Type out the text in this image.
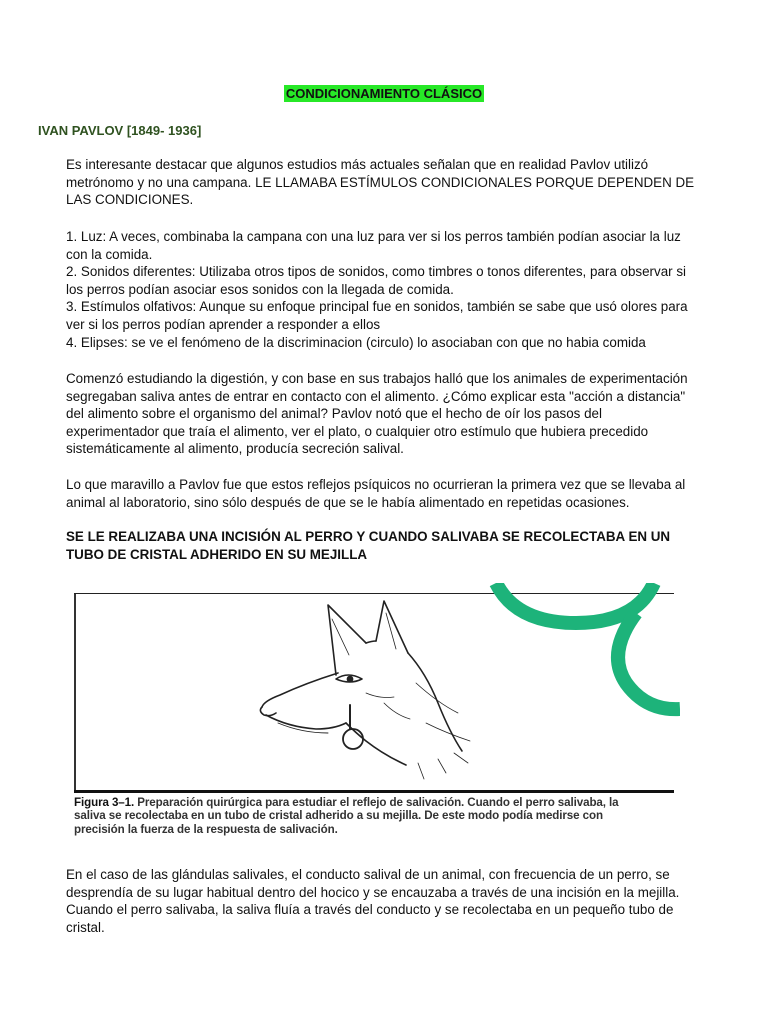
CONDICIONAMIENTO CLÁSICO
IVAN PAVLOV [1849- 1936]

Es interesante destacar que algunos estudios más actuales señalan que en realidad Pavlov utilizó
metrónomo y no una campana. LE LLAMABA ESTÍMULOS CONDICIONALES PORQUE DEPENDEN DE
LAS CONDICIONES.

1. Luz: A veces, combinaba la campana con una luz para ver si los perros también podían asociar la luz
con la comida.
2. Sonidos diferentes: Utilizaba otros tipos de sonidos, como timbres o tonos diferentes, para observar si
los perros podían asociar esos sonidos con la llegada de comida.
3. Estímulos olfativos: Aunque su enfoque principal fue en sonidos, también se sabe que usó olores para
ver si los perros podían aprender a responder a ellos
4. Elipses: se ve el fenómeno de la discriminacion (circulo) lo asociaban con que no habia comida

Comenzó estudiando la digestión, y con base en sus trabajos halló que los animales de experimentación
segregaban saliva antes de entrar en contacto con el alimento. ¿Cómo explicar esta "acción a distancia"
del alimento sobre el organismo del animal? Pavlov notó que el hecho de oír los pasos del
experimentador que traía el alimento, ver el plato, o cualquier otro estímulo que hubiera precedido
sistemáticamente al alimento, producía secreción salival.

Lo que maravillo a Pavlov fue que estos reflejos psíquicos no ocurrieran la primera vez que se llevaba al
animal al laboratorio, sino sólo después de que se le había alimentado en repetidas ocasiones.

SE LE REALIZABA UNA INCISIÓN AL PERRO Y CUANDO SALIVABA SE RECOLECTABA EN UN
TUBO DE CRISTAL ADHERIDO EN SU MEJILLA

Figura 3–1. Preparación quirúrgica para estudiar el reflejo de salivación. Cuando el perro salivaba, la
saliva se recolectaba en un tubo de cristal adherido a su mejilla. De este modo podía medirse con
precisión la fuerza de la respuesta de salivación.

En el caso de las glándulas salivales, el conducto salival de un animal, con frecuencia de un perro, se
desprendía de su lugar habitual dentro del hocico y se encauzaba a través de una incisión en la mejilla.
Cuando el perro salivaba, la saliva fluía a través del conducto y se recolectaba en un pequeño tubo de
cristal.
